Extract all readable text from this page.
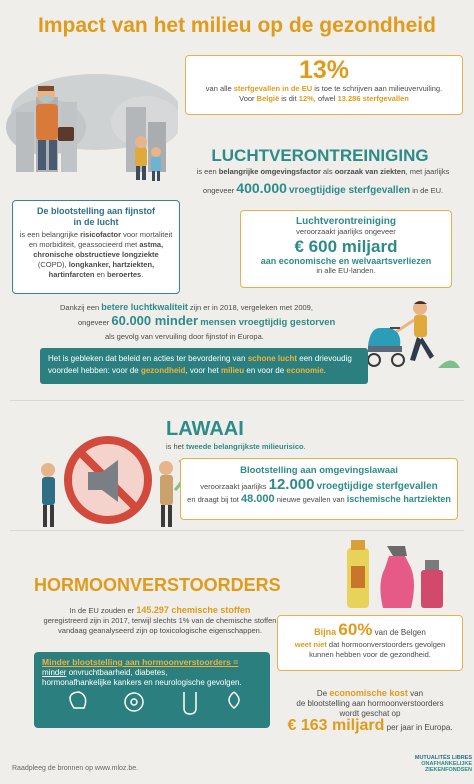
Impact van het milieu op de gezondheid
13%
van alle sterfgevallen in de EU is toe te schrijven aan milieuvervuiling.
Voor België is dit 12%, ofwel 13.286 sterfgevallen
LUCHTVERONTREINIGING
is een belangrijke omgevingsfactor als oorzaak van ziekten, met jaarlijks
ongeveer 400.000 vroegtijdige sterfgevallen in de EU.
De blootstelling aan fijnstof in de lucht
is een belangrijke risicofactor voor mortaliteit en morbiditeit, geassocieerd met astma, chronische obstructieve longziekte (COPD), longkanker, hartziekten, hartinfarcten en beroertes.
Luchtverontreiniging
veroorzaakt jaarlijks ongeveer
€ 600 miljard
aan economische en welvaartsverliezen
in alle EU-landen.
Dankzij een betere luchtkwaliteit zijn er in 2018, vergeleken met 2009,
ongeveer 60.000 minder mensen vroegtijdig gestorven
als gevolg van vervuiling door fijnstof in Europa.
Het is gebleken dat beleid en acties ter bevordering van schone lucht een drievoudig voordeel hebben: voor de gezondheid, voor het milieu en voor de economie.
LAWAAI
is het tweede belangrijkste milieurisico.
Blootstelling aan omgevingslawaai
veroorzaakt jaarlijks 12.000 vroegtijdige sterfgevallen
en draagt bij tot 48.000 nieuwe gevallen van ischemische hartziekten
HORMOONVERSTOORDERS
In de EU zouden er 145.297 chemische stoffen
geregistreerd zijn in 2017, terwijl slechts 1% van de chemische stoffen
vandaag geanalyseerd zijn op toxicologische eigenschappen.
Minder blootstelling aan hormoonverstoorders =
minder onvruchtbaarheid, diabetes,
hormonafhankelijke kankers en neurologische gevolgen.
Bijna 60% van de Belgen
weet niet dat hormoonverstoorders gevolgen
kunnen hebben voor de gezondheid.
De economische kost van
de blootstelling aan hormoonverstoorders
wordt geschat op
€ 163 miljard per jaar in Europa.
Raadpleeg de bronnen op www.mloz.be.
MUTUALITÉS LIBRES
ONAFHANKELIJKE ZIEKENFONDSEN
